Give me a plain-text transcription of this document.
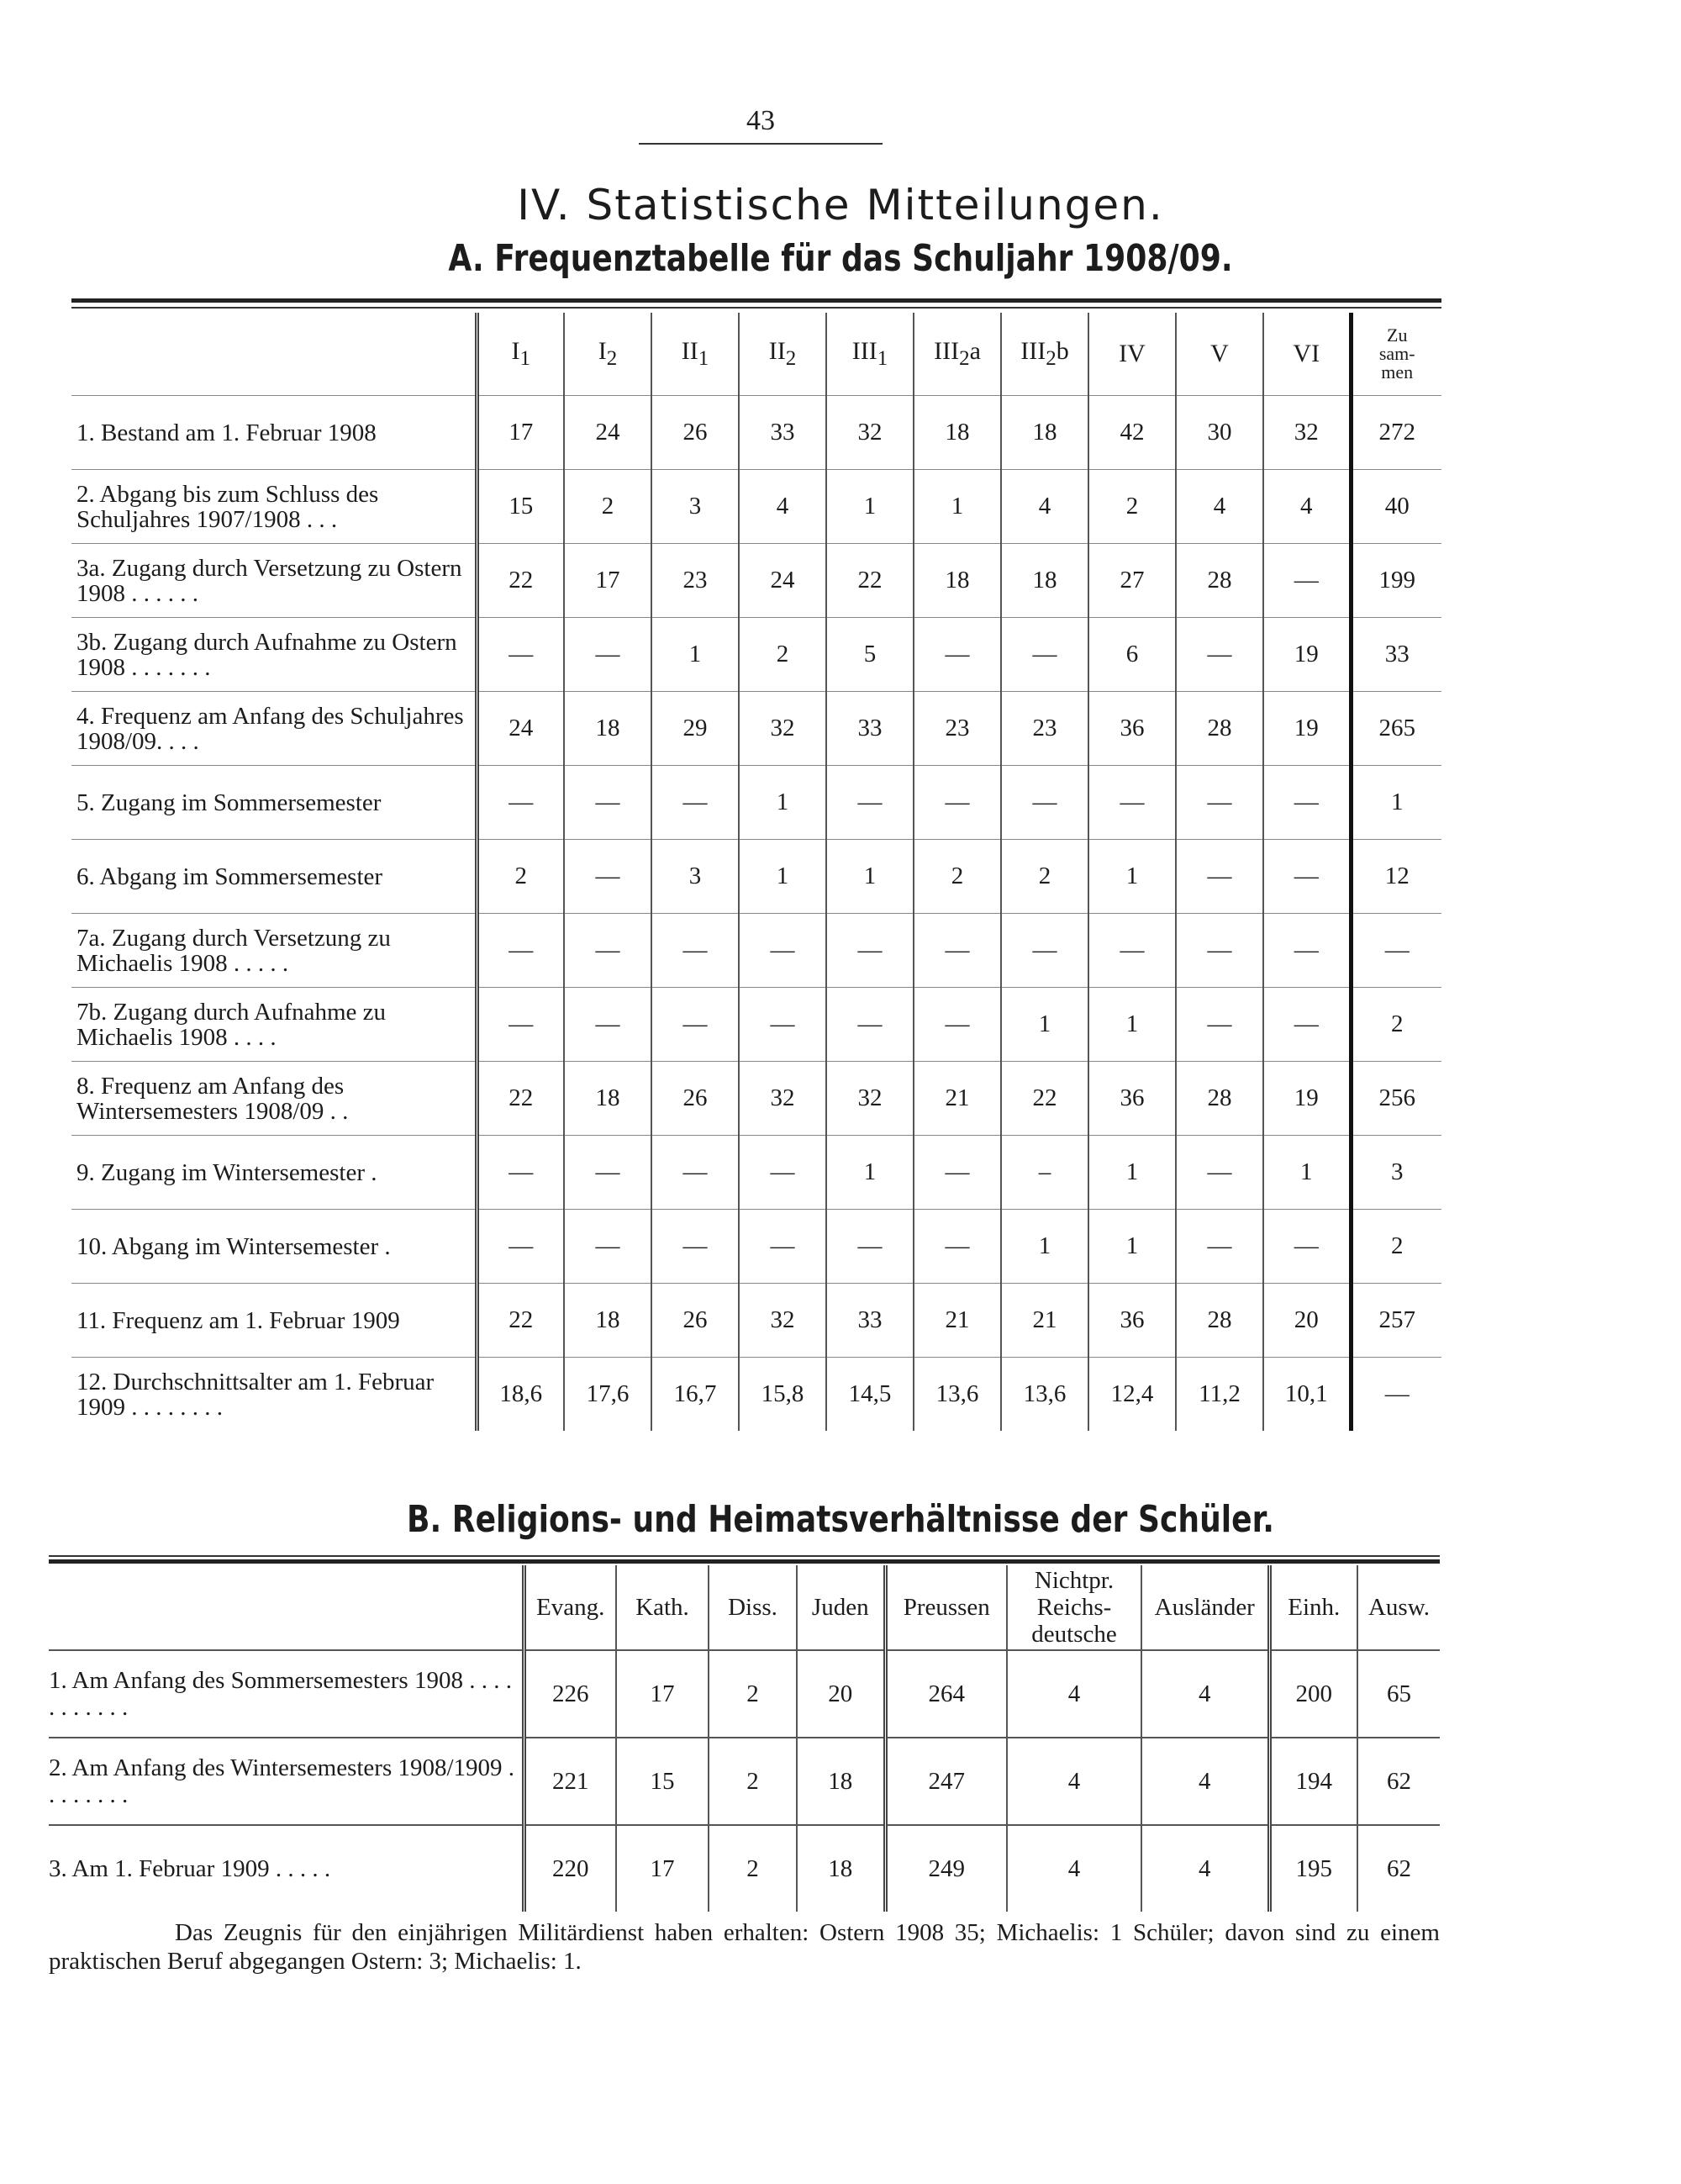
43
IV. Statistische Mitteilungen.
A. Frequenztabelle für das Schuljahr 1908/09.
	$I_1$	$I_2$	$II_1$	$II_2$	$III_1$	$III_2a$	$III_2b$	IV	V	VI	Zu
sam-
men
1. Bestand am 1. Februar 1908	17	24	26	33	32	18	18	42	30	32	272
2. Abgang bis zum Schluss des Schuljahres 1907/1908 . . .	15	2	3	4	1	1	4	2	4	4	40
3a. Zugang durch Versetzung zu Ostern 1908 . . . . . .	22	17	23	24	22	18	18	27	28	—	199
3b. Zugang durch Aufnahme zu Ostern 1908 . . . . . . .	—	—	1	2	5	—	—	6	—	19	33
4. Frequenz am Anfang des Schuljahres 1908/09. . . .	24	18	29	32	33	23	23	36	28	19	265
5. Zugang im Sommersemester	—	—	—	1	—	—	—	—	—	—	1
6. Abgang im Sommersemester	2	—	3	1	1	2	2	1	—	—	12
7a. Zugang durch Versetzung zu Michaelis 1908 . . . . .	—	—	—	—	—	—	—	—	—	—	—
7b. Zugang durch Aufnahme zu Michaelis 1908 . . . .	—	—	—	—	—	—	1	1	—	—	2
8. Frequenz am Anfang des Wintersemesters 1908/09 . .	22	18	26	32	32	21	22	36	28	19	256
9. Zugang im Wintersemester .	—	—	—	—	1	—	–	1	—	1	3
10. Abgang im Wintersemester .	—	—	—	—	—	—	1	1	—	—	2
11. Frequenz am 1. Februar 1909	22	18	26	32	33	21	21	36	28	20	257
12. Durchschnittsalter am 1. Februar 1909 . . . . . . . .	18,6	17,6	16,7	15,8	14,5	13,6	13,6	12,4	11,2	10,1	—
B. Religions- und Heimatsverhältnisse der Schüler.
	Evang.	Kath.	Diss.	Juden	Preussen	Nichtpr.
Reichs-
deutsche	Ausländer	Einh.	Ausw.
1. Am Anfang des Sommersemesters 1908 . . . . . . . . . . .	226	17	2	20	264	4	4	200	65
2. Am Anfang des Wintersemesters 1908/1909 . . . . . . . .	221	15	2	18	247	4	4	194	62
3. Am 1. Februar 1909 . . . . .	220	17	2	18	249	4	4	195	62

Das Zeugnis für den einjährigen Militärdienst haben erhalten: Ostern 1908 35; Michaelis: 1 Schüler; davon sind zu einem praktischen Beruf abgegangen Ostern: 3; Michaelis: 1.
